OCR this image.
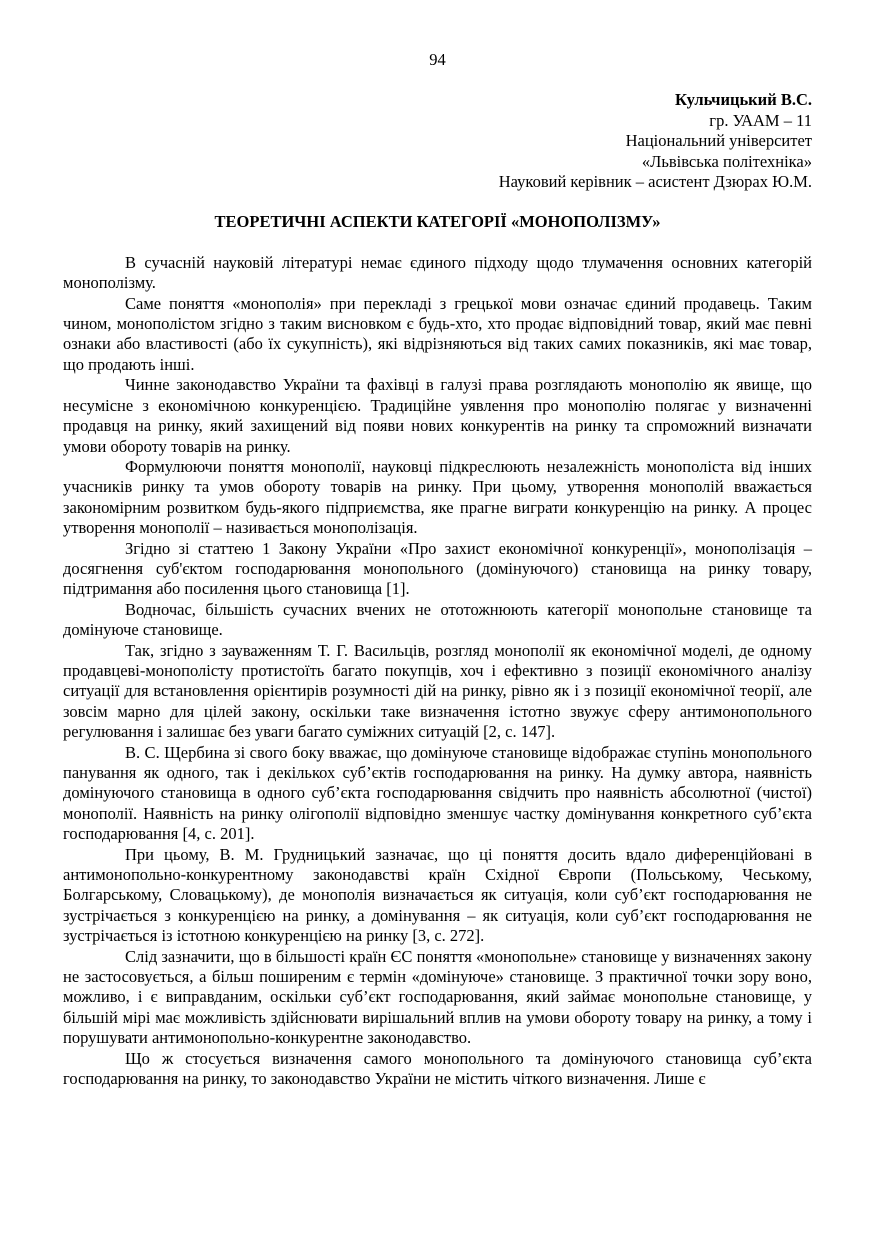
94
Кульчицький В.С.
гр. УААМ – 11
Національний університет
«Львівська політехніка»
Науковий керівник – асистент Дзюрах Ю.М.
ТЕОРЕТИЧНІ АСПЕКТИ КАТЕГОРІЇ «МОНОПОЛІЗМУ»

В сучасній науковій літературі немає єдиного підходу щодо тлумачення основних категорій монополізму.

Саме поняття «монополія» при перекладі з грецької мови означає єдиний продавець. Таким чином, монополістом згідно з таким висновком є будь-хто, хто продає відповідний товар, який має певні ознаки або властивості (або їх сукупність), які відрізняються від таких самих показників, які має товар, що продають інші.

Чинне законодавство України та фахівці в галузі права розглядають монополію як явище, що несумісне з економічною конкуренцією. Традиційне уявлення про монополію полягає у визначенні продавця на ринку, який захищений від появи нових конкурентів на ринку та спроможний визначати умови обороту товарів на ринку.

Формулюючи поняття монополії, науковці підкреслюють незалежність монополіста від інших учасників ринку та умов обороту товарів на ринку. При цьому, утворення монополій вважається закономірним розвитком будь-якого підприємства, яке прагне виграти конкуренцію на ринку. А процес утворення монополії – називається монополізація.

Згідно зі статтею 1 Закону України «Про захист економічної конкуренції», монополізація – досягнення суб'єктом господарювання монопольного (домінуючого) становища на ринку товару, підтримання або посилення цього становища [1].

Водночас, більшість сучасних вчених не ототожнюють категорії монопольне становище та домінуюче становище.

Так, згідно з зауваженням Т. Г. Васильців, розгляд монополії як економічної моделі, де одному продавцеві-монополісту протистоїть багато покупців, хоч і ефективно з позиції економічного аналізу ситуації для встановлення орієнтирів розумності дій на ринку, рівно як і з позиції економічної теорії, але зовсім марно для цілей закону, оскільки таке визначення істотно звужує сферу антимонопольного регулювання і залишає без уваги багато суміжних ситуацій [2, с. 147].

В. С. Щербина зі свого боку вважає, що домінуюче становище відображає ступінь монопольного панування як одного, так і декількох суб’єктів господарювання на ринку. На думку автора, наявність домінуючого становища в одного суб’єкта господарювання свідчить про наявність абсолютної (чистої) монополії. Наявність на ринку олігополії відповідно зменшує частку домінування конкретного суб’єкта господарювання [4, с. 201].

При цьому, В. М. Грудницький зазначає, що ці поняття досить вдало диференційовані в антимонопольно-конкурентному законодавстві країн Східної Європи (Польському, Чеському, Болгарському, Словацькому), де монополія визначається як ситуація, коли суб’єкт господарювання не зустрічається з конкуренцією на ринку, а домінування – як ситуація, коли суб’єкт господарювання не зустрічається із істотною конкуренцією на ринку [3, с. 272].

Слід зазначити, що в більшості країн ЄС поняття «монопольне» становище у визначеннях закону не застосовується, а більш поширеним є термін «домінуюче» становище. З практичної точки зору воно, можливо, і є виправданим, оскільки суб’єкт господарювання, який займає монопольне становище, у більшій мірі має можливість здійснювати вирішальний вплив на умови обороту товару на ринку, а тому і порушувати антимонопольно-конкурентне законодавство.

Що ж стосується визначення самого монопольного та домінуючого становища суб’єкта господарювання на ринку, то законодавство України не містить чіткого визначення. Лише є
